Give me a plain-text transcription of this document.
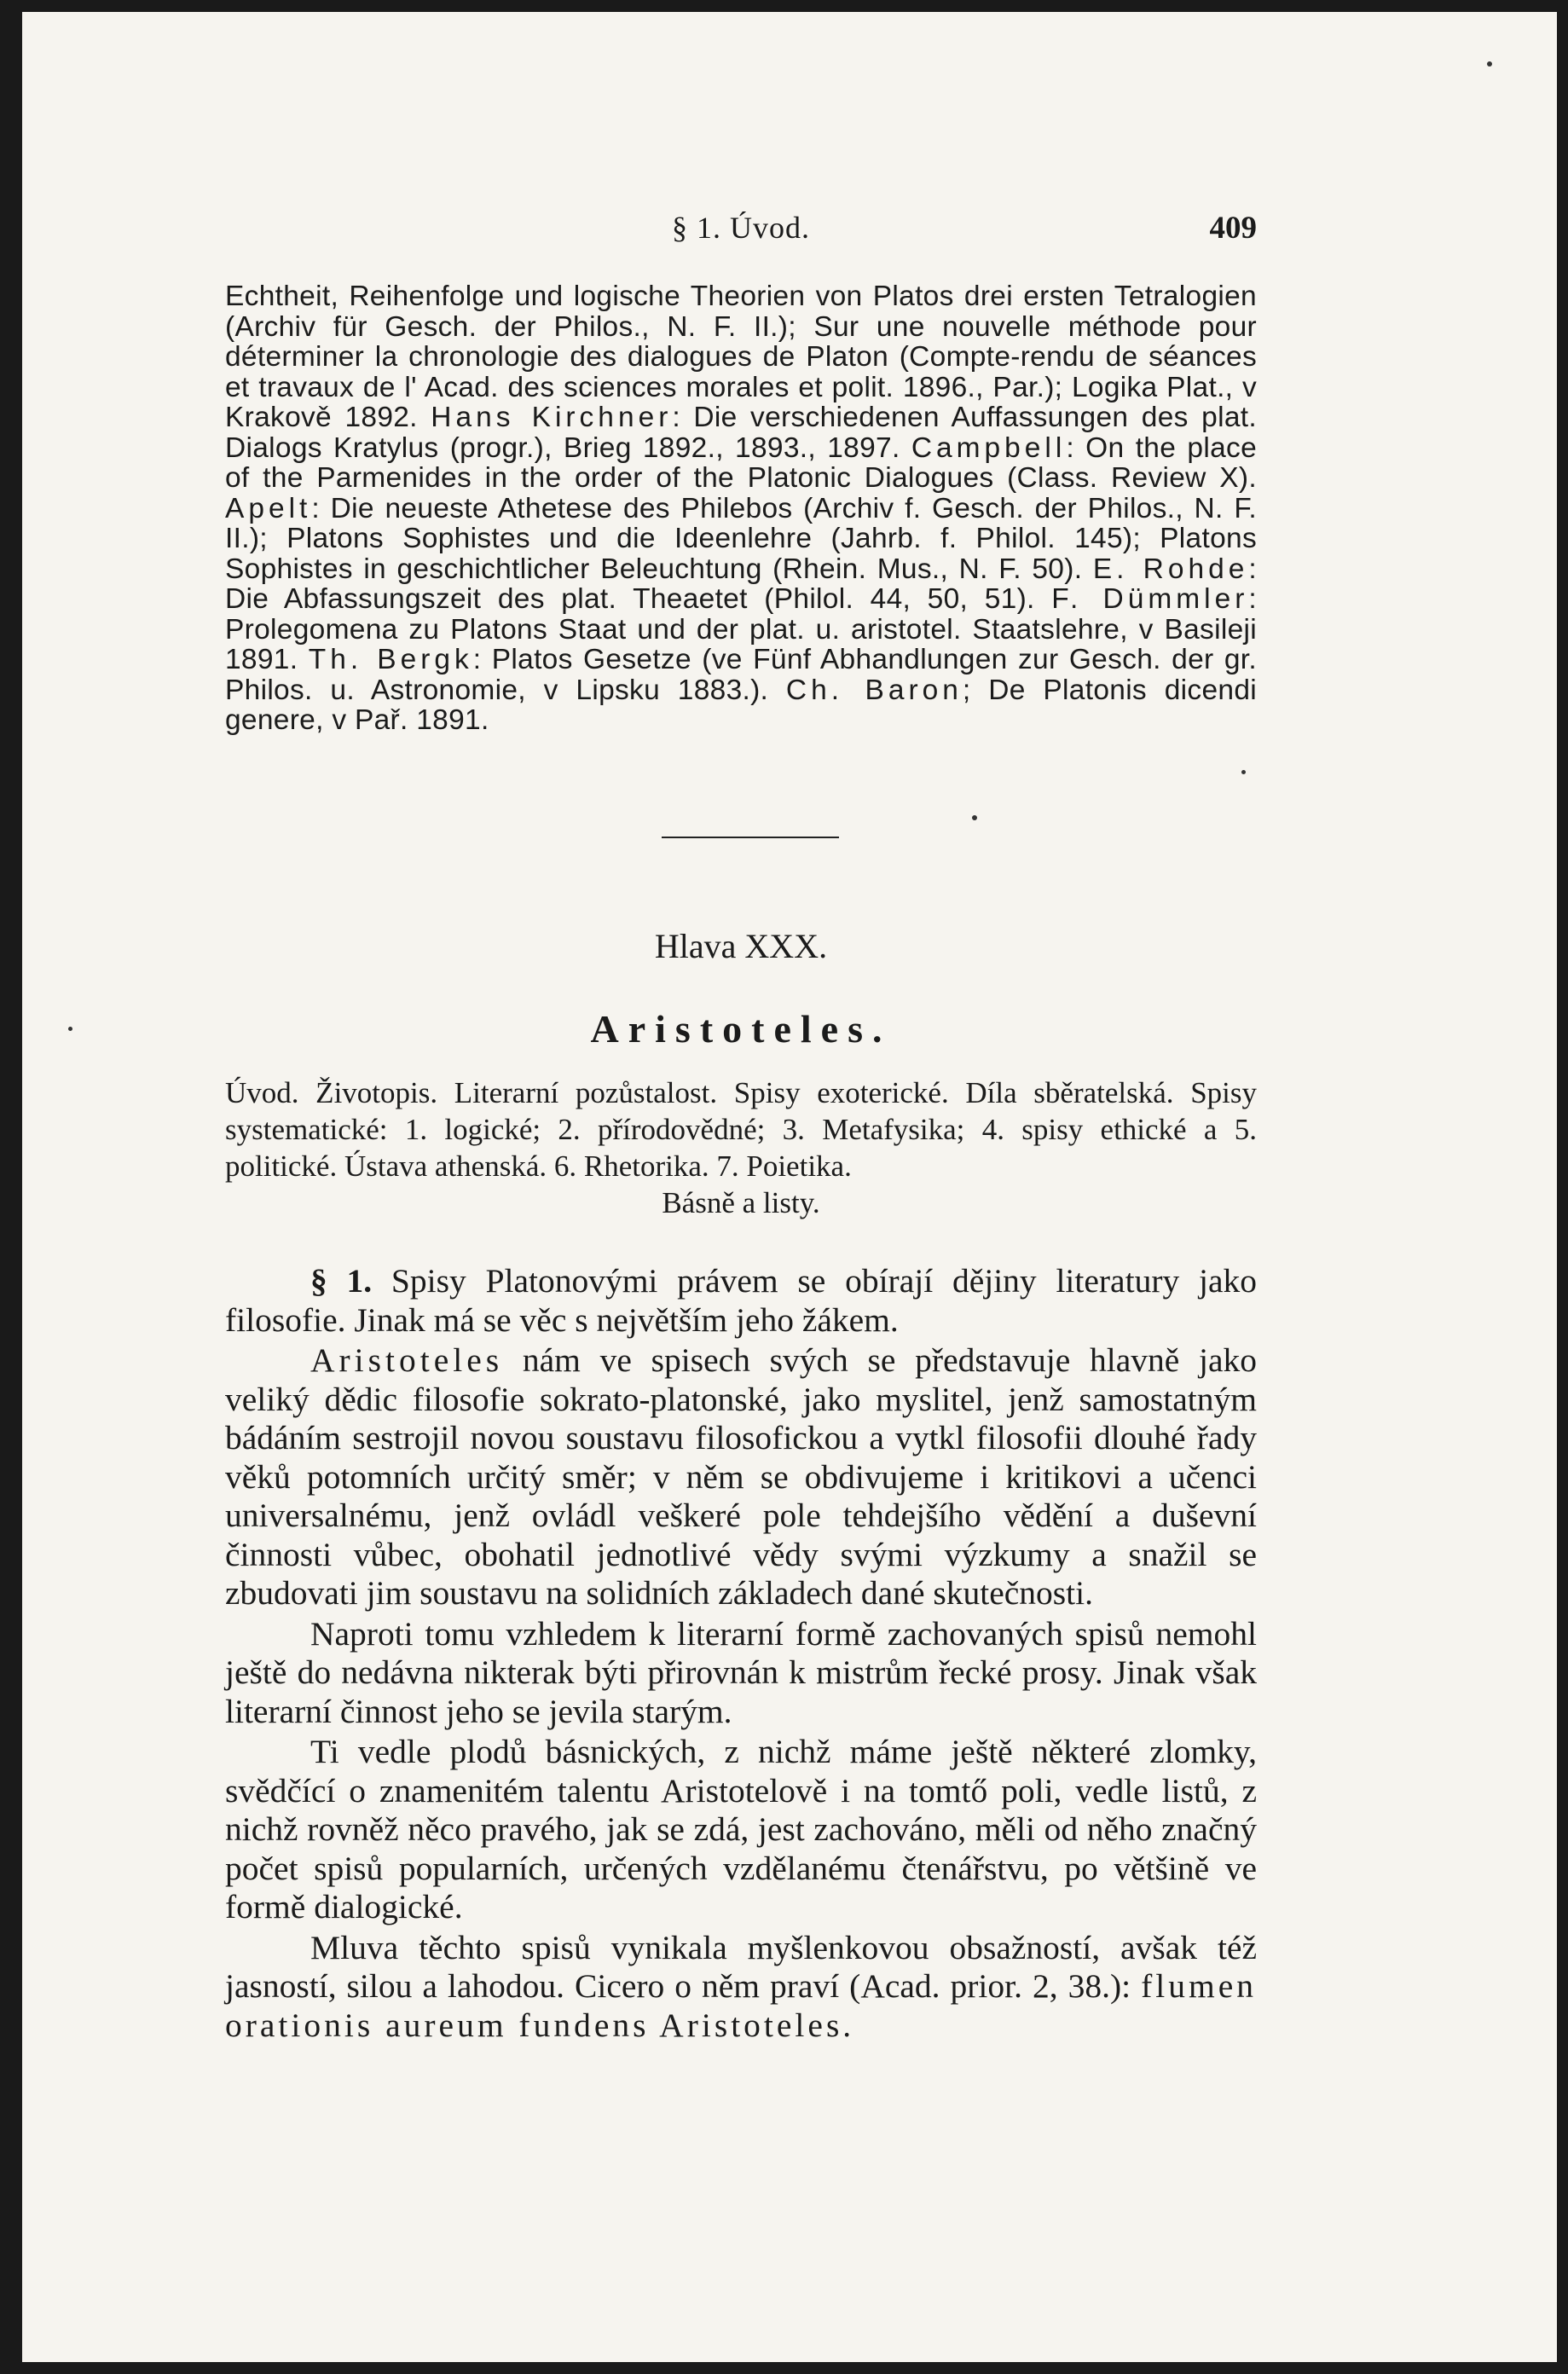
§ 1. Úvod.	409

Echtheit, Reihenfolge und logische Theorien von Platos drei ersten Tetralogien (Archiv für Gesch. der Philos., N. F. II.); Sur une nouvelle méthode pour déterminer la chronologie des dialogues de Platon (Compte-rendu de séances et travaux de l' Acad. des sciences morales et polit. 1896., Par.); Logika Plat., v Krakově 1892. Hans Kirchner: Die verschiedenen Auffassungen des plat. Dialogs Kratylus (progr.), Brieg 1892., 1893., 1897. Campbell: On the place of the Parmenides in the order of the Platonic Dialogues (Class. Review X). Apelt: Die neueste Athetese des Philebos (Archiv f. Gesch. der Philos., N. F. II.); Platons Sophistes und die Ideenlehre (Jahrb. f. Philol. 145); Platons Sophistes in geschichtlicher Beleuchtung (Rhein. Mus., N. F. 50). E. Rohde: Die Abfassungszeit des plat. Theaetet (Philol. 44, 50, 51). F. Dümmler: Prolegomena zu Platons Staat und der plat. u. aristotel. Staatslehre, v Basileji 1891. Th. Bergk: Platos Gesetze (ve Fünf Abhandlungen zur Gesch. der gr. Philos. u. Astronomie, v Lipsku 1883.). Ch. Baron; De Platonis dicendi genere, v Pař. 1891.

Hlava XXX.
Aristoteles.
Úvod. Životopis. Literarní pozůstalost. Spisy exoterické. Díla sběratelská. Spisy systematické: 1. logické; 2. přírodovědné; 3. Metafysika; 4. spisy ethické a 5. politické. Ústava athenská. 6. Rhetorika. 7. Poietika.
Básně a listy.

§ 1. Spisy Platonovými právem se obírají dějiny literatury jako filosofie. Jinak má se věc s největším jeho žákem.

Aristoteles nám ve spisech svých se představuje hlavně jako veliký dědic filosofie sokrato-platonské, jako myslitel, jenž samostatným bádáním sestrojil novou soustavu filosofickou a vytkl filosofii dlouhé řady věků potomních určitý směr; v něm se obdivujeme i kritikovi a učenci universalnému, jenž ovládl veškeré pole tehdejšího vědění a duševní činnosti vůbec, obohatil jednotlivé vědy svými výzkumy a snažil se zbudovati jim soustavu na solidních základech dané skutečnosti.

Naproti tomu vzhledem k literarní formě zachovaných spisů nemohl ještě do nedávna nikterak býti přirovnán k mistrům řecké prosy. Jinak však literarní činnost jeho se jevila starým.

Ti vedle plodů básnických, z nichž máme ještě některé zlomky, svědčící o znamenitém talentu Aristotelově i na tomtő poli, vedle listů, z nichž rovněž něco pravého, jak se zdá, jest zachováno, měli od něho značný počet spisů popularních, určených vzdělanému čtenářstvu, po většině ve formě dialogické.

Mluva těchto spisů vynikala myšlenkovou obsažností, avšak též jasností, silou a lahodou. Cicero o něm praví (Acad. prior. 2, 38.): flumen orationis aureum fundens Aristoteles.
